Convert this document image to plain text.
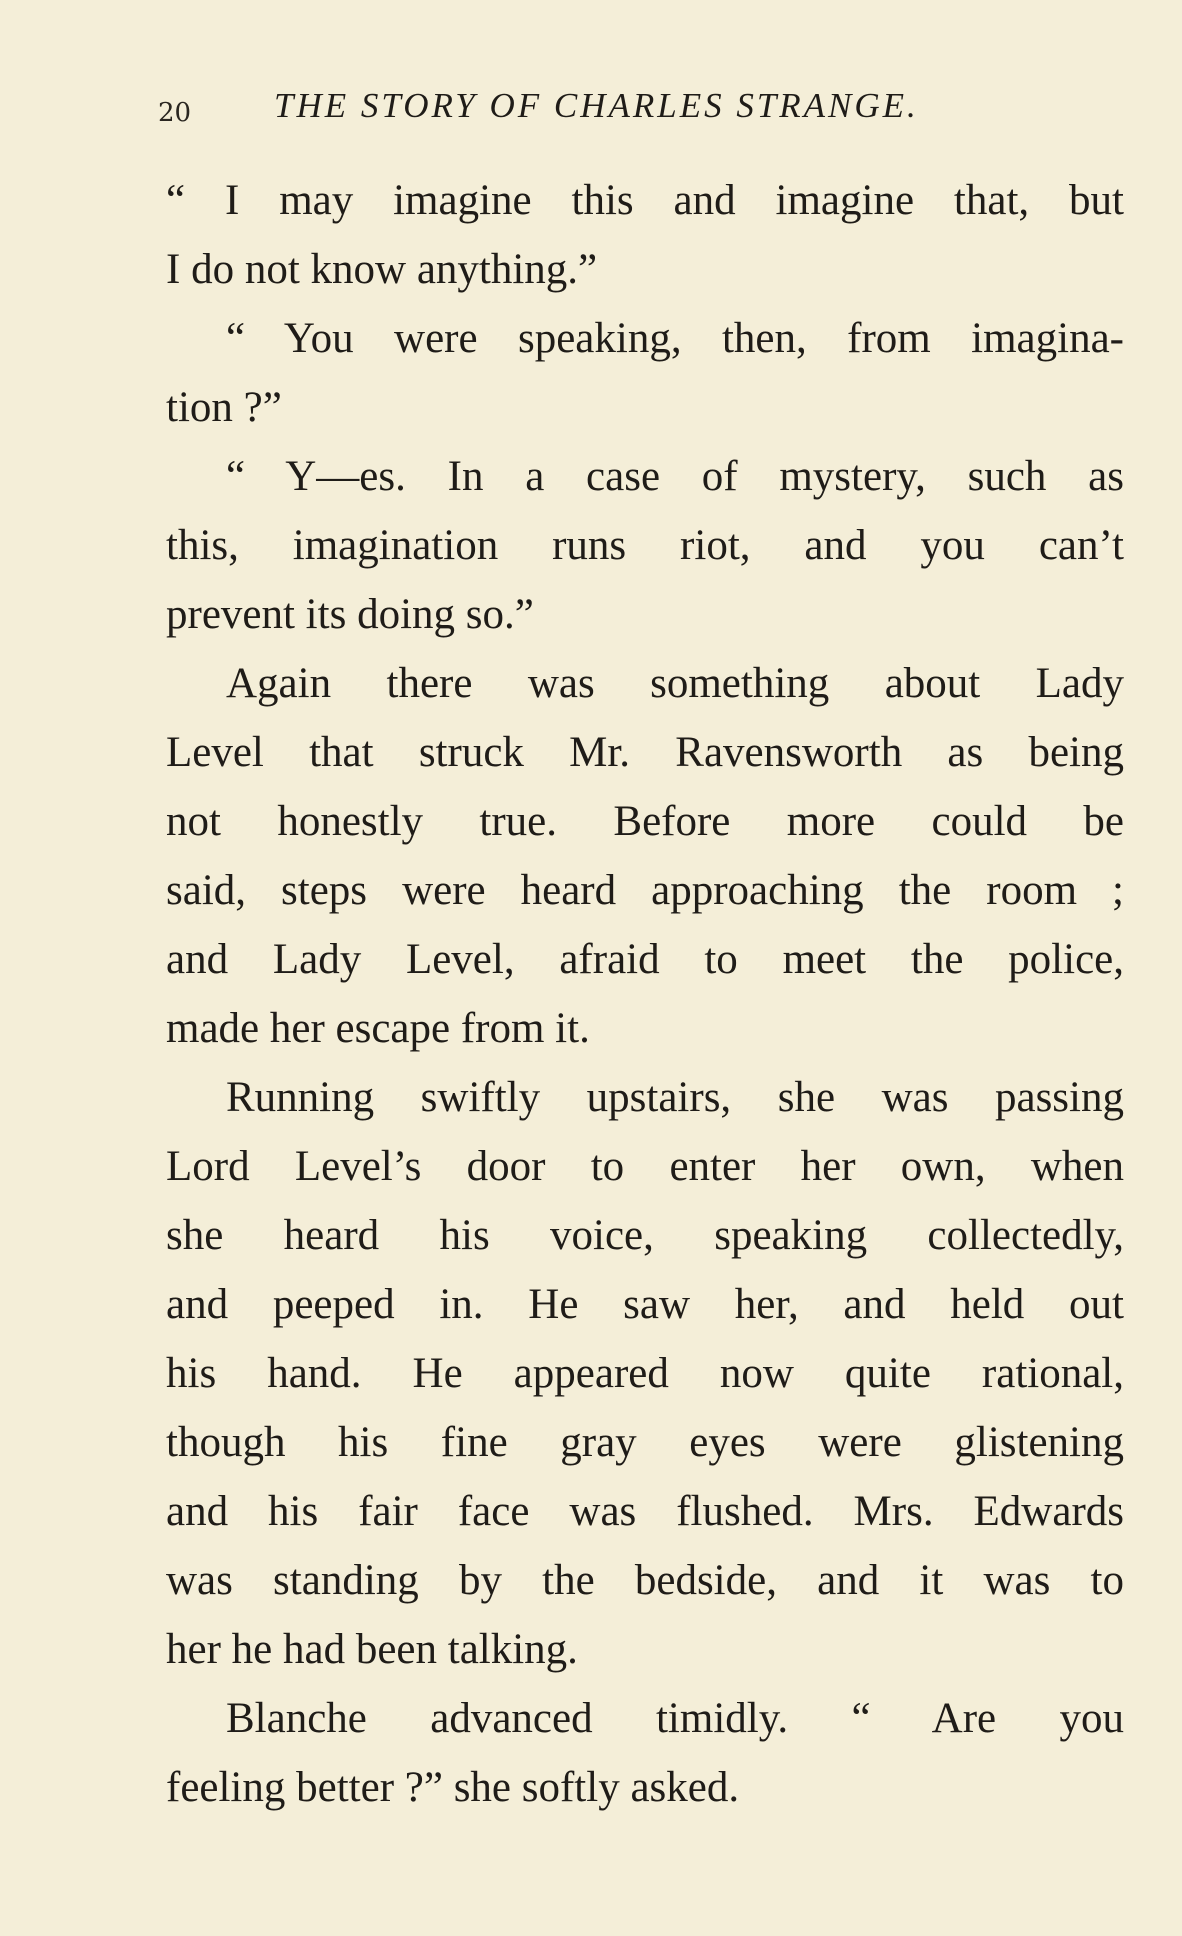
20 THE STORY OF CHARLES STRANGE.
“ I may imagine this and imagine that, but
I do not know anything.”
“ You were speaking, then, from imagina-
tion ?”
“ Y—es. In a case of mystery, such as
this, imagination runs riot, and you can’t
prevent its doing so.”
Again there was something about Lady
Level that struck Mr. Ravensworth as being
not honestly true. Before more could be
said, steps were heard approaching the room ;
and Lady Level, afraid to meet the police,
made her escape from it.
Running swiftly upstairs, she was passing
Lord Level’s door to enter her own, when
she heard his voice, speaking collectedly,
and peeped in. He saw her, and held out
his hand. He appeared now quite rational,
though his fine gray eyes were glistening
and his fair face was flushed. Mrs. Edwards
was standing by the bedside, and it was to
her he had been talking.
Blanche advanced timidly. “ Are you
feeling better ?” she softly asked.
